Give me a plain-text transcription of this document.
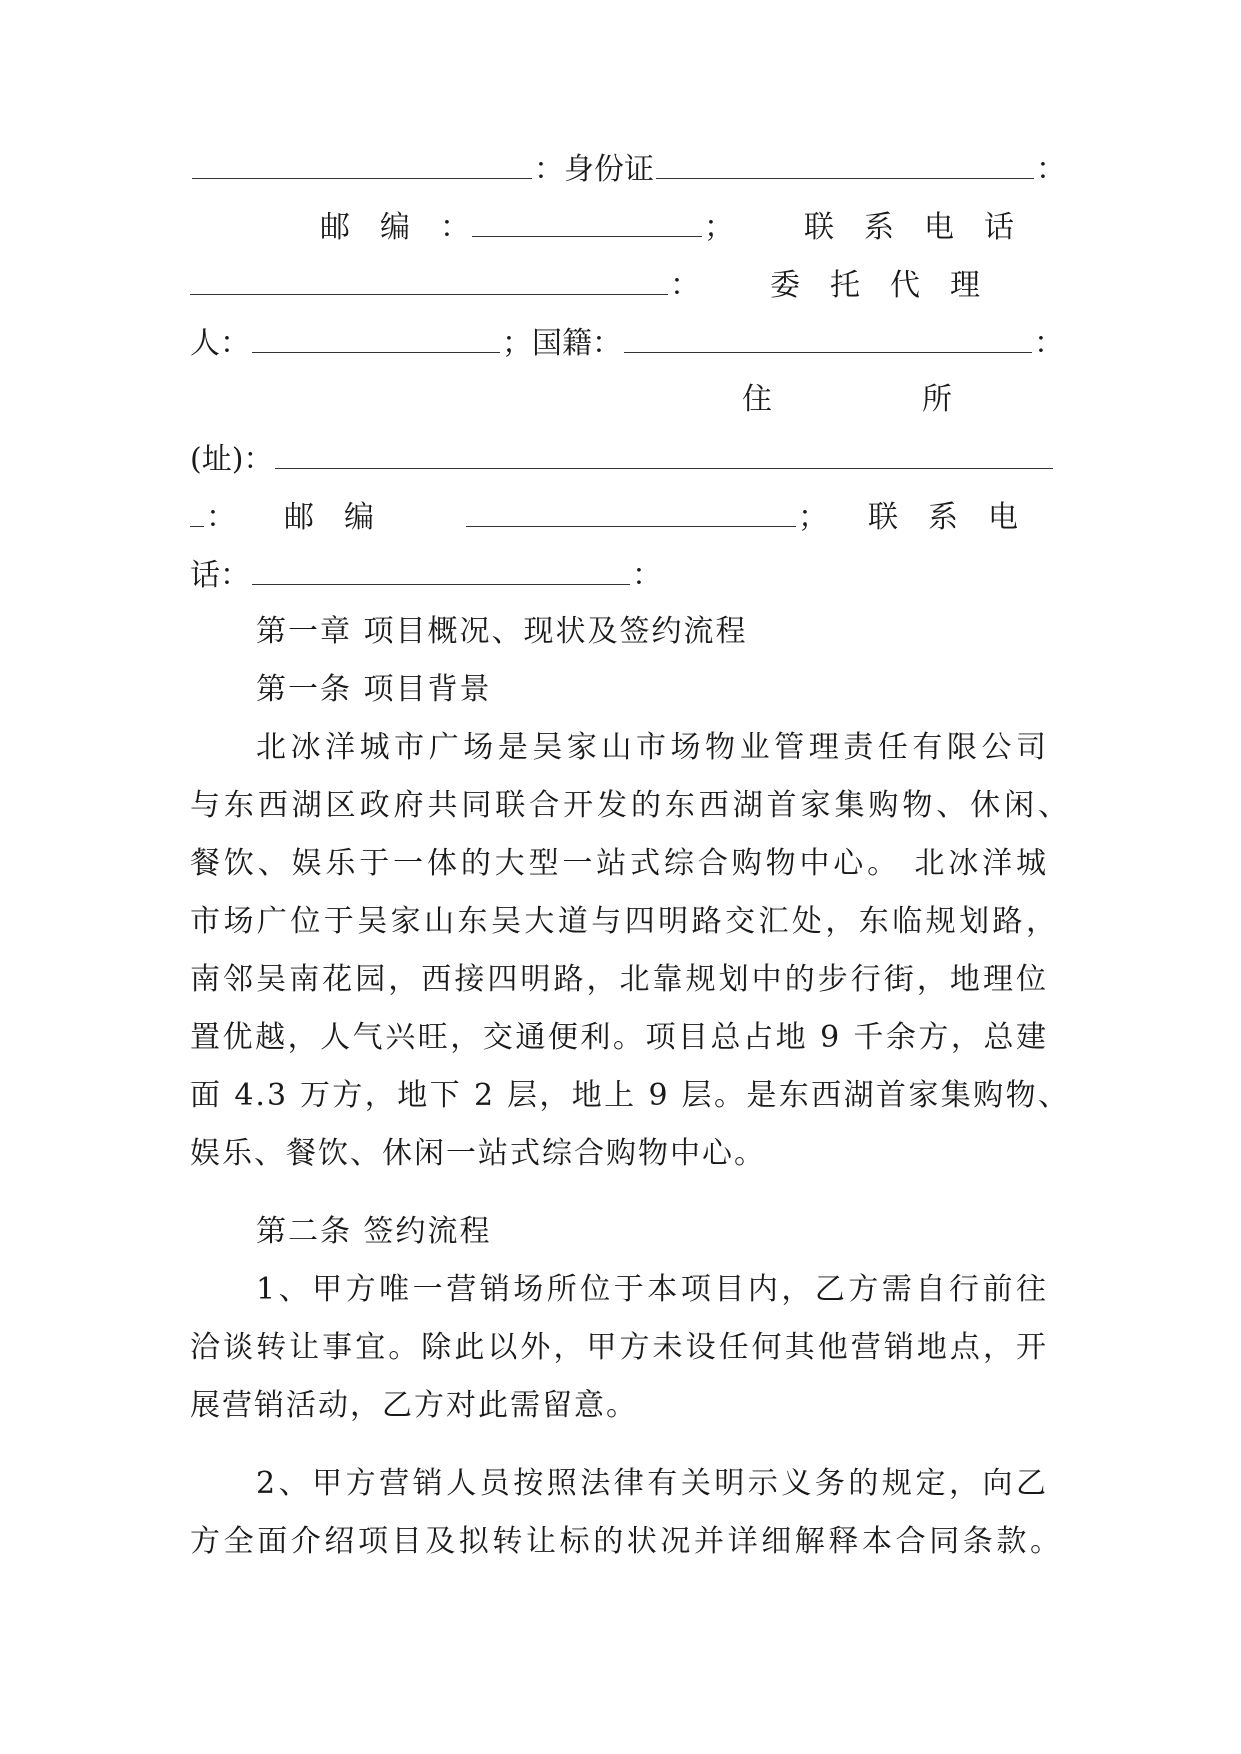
：身份证	：
邮　编　：	； 联　系　电　话
： 委　托　代　理
人：	；国籍：	：
住　　　　　所
(址)：
： 邮　编	； 联　系　电
话：	：
第一章 项目概况、现状及签约流程
第一条 项目背景
北冰洋城市广场是吴家山市场物业管理责任有限公司
与东西湖区政府共同联合开发的东西湖首家集购物、休闲、
餐饮、娱乐于一体的大型一站式综合购物中心。 北冰洋城
市场广位于吴家山东吴大道与四明路交汇处，东临规划路，
南邻吴南花园，西接四明路，北靠规划中的步行街，地理位
置优越，人气兴旺，交通便利。项目总占地 9 千余方，总建
面 4.3 万方，地下 2 层，地上 9 层。是东西湖首家集购物、
娱乐、餐饮、休闲一站式综合购物中心。
第二条 签约流程
1、甲方唯一营销场所位于本项目内，乙方需自行前往
洽谈转让事宜。除此以外，甲方未设任何其他营销地点，开
展营销活动，乙方对此需留意。
2、甲方营销人员按照法律有关明示义务的规定，向乙
方全面介绍项目及拟转让标的状况并详细解释本合同条款。
